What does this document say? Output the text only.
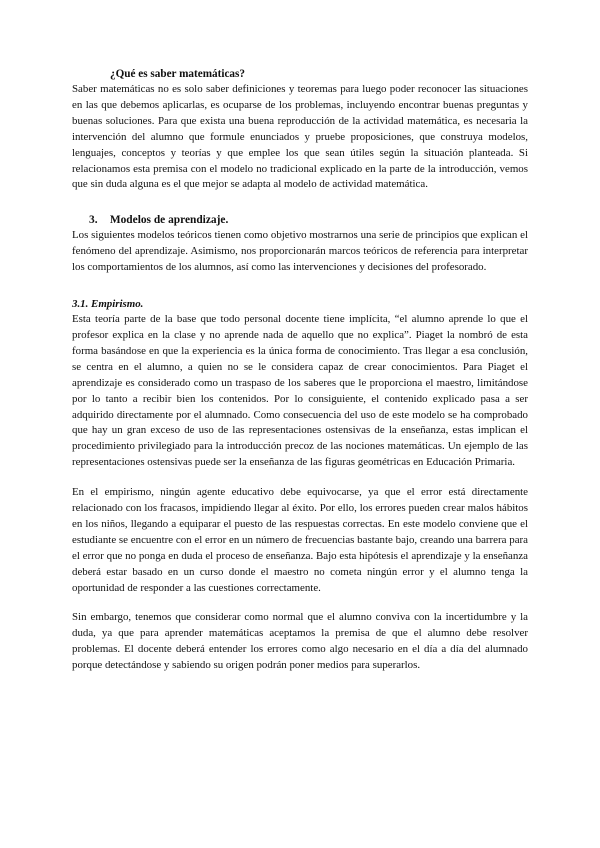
¿Qué es saber matemáticas?

Saber matemáticas no es solo saber definiciones y teoremas para luego poder reconocer las situaciones en las que debemos aplicarlas, es ocuparse de los problemas, incluyendo encontrar buenas preguntas y buenas soluciones. Para que exista una buena reproducción de la actividad matemática, es necesaria la intervención del alumno que formule enunciados y pruebe proposiciones, que construya modelos, lenguajes, conceptos y teorías y que emplee los que sean útiles según la situación planteada. Si relacionamos esta premisa con el modelo no tradicional explicado en la parte de la introducción, vemos que sin duda alguna es el que mejor se adapta al modelo de actividad matemática.

3. Modelos de aprendizaje.

Los siguientes modelos teóricos tienen como objetivo mostrarnos una serie de principios que explican el fenómeno del aprendizaje. Asimismo, nos proporcionarán marcos teóricos de referencia para interpretar los comportamientos de los alumnos, así como las intervenciones y decisiones del profesorado.

3.1. Empirismo.

Esta teoría parte de la base que todo personal docente tiene implícita, “el alumno aprende lo que el profesor explica en la clase y no aprende nada de aquello que no explica”. Piaget la nombró de esta forma basándose en que la experiencia es la única forma de conocimiento. Tras llegar a esa conclusión, se centra en el alumno, a quien no se le considera capaz de crear conocimientos. Para Piaget el aprendizaje es considerado como un traspaso de los saberes que le proporciona el maestro, limitándose por lo tanto a recibir bien los contenidos. Por lo consiguiente, el contenido explicado pasa a ser adquirido directamente por el alumnado. Como consecuencia del uso de este modelo se ha comprobado que hay un gran exceso de uso de las representaciones ostensivas de la enseñanza, estas implican el procedimiento privilegiado para la introducción precoz de las nociones matemáticas. Un ejemplo de las representaciones ostensivas puede ser la enseñanza de las figuras geométricas en Educación Primaria.

En el empirismo, ningún agente educativo debe equivocarse, ya que el error está directamente relacionado con los fracasos, impidiendo llegar al éxito. Por ello, los errores pueden crear malos hábitos en los niños, llegando a equiparar el puesto de las respuestas correctas. En este modelo conviene que el estudiante se encuentre con el error en un número de frecuencias bastante bajo, creando una barrera para el error que no ponga en duda el proceso de enseñanza. Bajo esta hipótesis el aprendizaje y la enseñanza deberá estar basado en un curso donde el maestro no cometa ningún error y el alumno tenga la oportunidad de responder a las cuestiones correctamente.

Sin embargo, tenemos que considerar como normal que el alumno conviva con la incertidumbre y la duda, ya que para aprender matemáticas aceptamos la premisa de que el alumno debe resolver problemas. El docente deberá entender los errores como algo necesario en el día a día del alumnado porque detectándose y sabiendo su origen podrán poner medios para superarlos.
